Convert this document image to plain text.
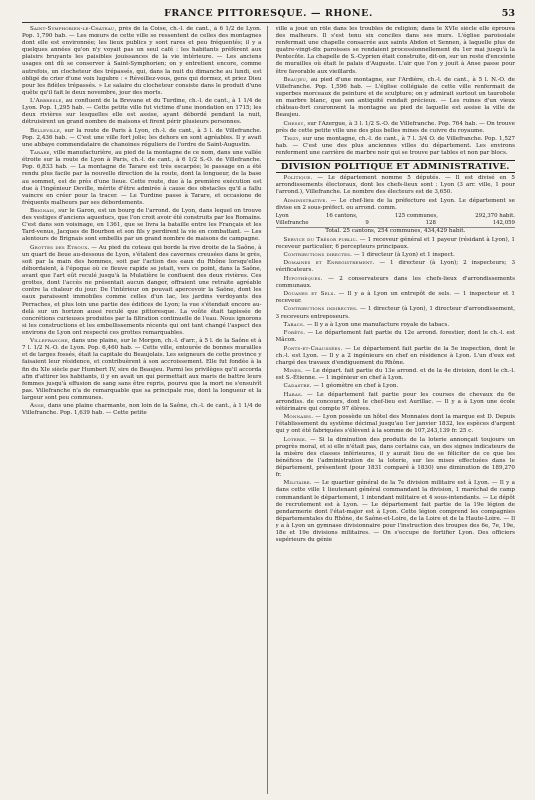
FRANCE PITTORESQUE. — RHONE.	53

Saint-Symphorien-le-Chateau, près de la Coise, ch.-l. de cant., à 6 1/2 de Lyon. Pop. 1,790 hab. — Les mœurs de cette ville se ressentent de celles des montagnes dont elle est environnée; les lieux publics y sont rares et peu fréquentés; il y a quelques années qu'on n'y voyait pas un seul café : les habitants préfèrent aux plaisirs bruyants les paisibles jouissances de la vie intérieure. — Les anciens usages ont dû se conserver à Saint-Symphorien; on y entretient encore, comme autrefois, un clocheteur des trépassés, qui, dans la nuit du dimanche au lundi, est obligé de crier d'une voix lugubre : « Réveillez-vous, gens qui dormez, et priez Dieu pour les fidèles trépassés. » Le salaire du clocheteur consiste dans le produit d'une quête qu'il fait le deux novembre, jour des morts.

L'Arbresle, au confluent de la Brevane et du Turdine, ch.-l. de cant., à 1 1/4 de Lyon. Pop. 1,295 hab. — Cette petite ville fut victime d'une inondation en 1715; les deux rivières sur lesquelles elle est assise, ayant débordé pendant la nuit, détruisirent un grand nombre de maisons et firent périr plusieurs personnes.

Belleville, sur la route de Paris à Lyon, ch.-l. de cant., à 3 l. de Villefranche. Pop. 2,436 hab. — C'est une ville fort jolie; les dehors en sont agréables. Il y avait une abbaye commendataire de chanoines réguliers de l'ordre de Saint-Augustin.

Tarare, ville manufacturière, au pied de la montagne de ce nom, dans une vallée étroite sur la route de Lyon à Paris, ch.-l. de cant., à 6 1/2 S.-O. de Villefranche. Pop. 6,833 hab. — La montagne de Tarare est très escarpée; le passage en a été rendu plus facile par la nouvelle direction de la route, dont la longueur, de la base au sommet, est de près d'une lieue. Cette route, due à la première exécution est due à l'ingénieur Deville, mérite d'être admirée à cause des obstacles qu'il a fallu vaincre en créer pour la tracer. — Le Turdine passe à Tarare, et occasione de fréquents malheurs par ses débordements.

Brignais, sur le Garon, est un bourg de l'arrond. de Lyon, dans lequel on trouve des vestiges d'anciens aqueducs, que l'on croit avoir été construits par les Romains. C'est dans son voisinage, en 1361, que se livra la bataille entre les Français et les Tard-venus, Jacques de Bourbon et son fils y perdirent la vie en combattant. — Les alentours de Brignais sont embellis par un grand nombre de maisons de campagne.

Grottes des Etroux. — Au pied du coteau qui borde la rive droite de la Saône, à un quart de lieue au-dessous de Lyon, s'étalent des cavernes creusées dans le grès, soit par la main des hommes, soit par l'action des eaux du Rhône lorsqu'elles débordaient, à l'époque où ce fleuve rapide se jetait, vers ce point, dans la Saône, avant que l'art eût reculé jusqu'à la Mulatière le confluent des deux rivières. Ces grottes, dont l'accès ne présentait aucun danger, offraient une retraite agréable contre la chaleur du jour. De l'intérieur on pouvait apercevoir la Saône, dont les eaux paraissent immobiles comme celles d'un lac, les jardins verdoyants des Perraches, et plus loin une partie des édifices de Lyon; la vue s'étendait encore au-delà sur un horizon aussi reculé que pittoresque. La voûte était tapissée de concrétions curieuses produites par la filtration continuelle de l'eau. Nous ignorons si les constructions et les embellissements récents qui ont tant changé l'aspect des environs de Lyon ont respecté ces grottes remarquables.

Villefranche, dans une plaine, sur le Morgon, ch.-l. d'arr., à 5 l. de la Saône et à 7 l. 1/2 N.-O. de Lyon. Pop. 6,460 hab. — Cette ville, entourée de bonnes murailles et de larges fossés, était la capitale du Beaujolais. Les seigneurs de cette province y faisaient leur résidence, et contribuèrent à son accroissement. Elle fut fondée à la fin du XIe siècle par Humbert IV, sire de Beaujeu. Parmi les privilèges qu'il accorda afin d'attirer les habitants, il y en avait un qui permettait aux maris de battre leurs femmes jusqu'à effusion de sang sans être repris, pourvu que la mort ne s'ensuivît pas. Villefranche n'a de remarquable que sa principale rue, dont la longueur et la largeur sont peu communes.

Anse, dans une plaine charmante, non loin de la Saône, ch.-l. de cant., à 1 1/4 de Villefranche. Pop. 1,639 hab. — Cette petite

ville a joué un rôle dans les troubles de religion; dans le XVIe siècle elle éprouva des malheurs. Il s'est tenu six conciles dans ses murs. L'église paroissiale renfermait une chapelle consacrée aux saints Abdon et Sennen, à laquelle plus de quatre-vingt-dix paroisses se rendaient processionnellement du 1er mai jusqu'à la Pentecôte. La chapelle de S.-Cyprien était construite, dit-on, sur un reste d'enceinte de murailles où était le palais d'Auguste. L'air que l'on y jouit à Anse passe pour être favorable aux vieillards.

Beaujeu, au pied d'une montagne, sur l'Ardière, ch.-l. de cant., à 5 l. N.-O. de Villefranche. Pop. 1,596 hab. — L'église collégiale de cette ville renfermait de superbes morceaux de peinture et de sculpture; on y admirait surtout un taurobole en marbre blanc, que son antiquité rendait précieux. — Les ruines d'un vieux château-fort couronnent la montagne au pied de laquelle est assise la ville de Beaujeu.

Chessy, sur l'Azergue, à 3 l. 1/2 S.-O. de Villefranche. Pop. 764 hab. — On trouve près de cette petite ville une des plus belles mines de cuivre du royaume.

Thizy, sur une montagne, ch.-l. de cant., à 7 l. 3/4 O. de Villefranche. Pop. 1,527 hab. — C'est une des plus anciennes villes du département. Les environs renferment une carrière de marbre noir qui se trouve par tables et non par blocs.

DIVISION POLITIQUE ET ADMINISTRATIVE.

Politique. — Le département nomme 5 députés. — Il est divisé en 5 arrondissements électoraux, dont les chefs-lieux sont : Lyon (3 arr. ville, 1 pour l'arrond.), Villefranche. Le nombre des électeurs est de 3,650.

Administrative. — Le chef-lieu de la préfecture est Lyon. Le département se divise en 2 sous-préfect. ou arrond. comm.

Lyon	16 cantons,	125 communes,	292,370 habit.
Villefranche	9	128	142,059
Total. 25 cantons, 254 communes, 434,429 habit.

Service du Trésor public. — 1 receveur général et 1 payeur (résidant à Lyon), 1 receveur particulier, 6 percepteurs principaux.

Contributions directes. — 1 directeur (à Lyon) et 1 inspect.

Domaines et Enregistrement. — 1 directeur (à Lyon); 2 inspecteurs; 3 vérificateurs.

Hypothèques. — 2 conservateurs dans les chefs-lieux d'arrondissements communaux.

Douanes et Sels. — Il y a à Lyon un entrepôt de sels. — 1 inspecteur et 1 receveur.

Contributions indirectes. — 1 directeur (à Lyon), 1 directeur d'arrondissement, 3 receveurs entreposeurs.

Tabacs. — Il y a à Lyon une manufacture royale de tabacs.

Forêts. — Le département fait partie du 12e arrond. forestier, dont le ch.-l. est Mâcon.

Ponts-et-Chaussées. — Le département fait partie de la 5e inspection, dont le ch.-l. est Lyon. — Il y a 2 ingénieurs en chef en résidence à Lyon. L'un d'eux est chargé des travaux d'endiguement du Rhône.

Mines. — Le départ. fait partie du 13e arrond. et de la 4e division, dont le ch.-l. est S.-Étienne. — 1 ingénieur en chef à Lyon.

Cadastre. — 1 géomètre en chef à Lyon.

Haras. — Le département fait partie pour les courses de chevaux du 6e arrondiss. de concours, dont le chef-lieu est Aurillac. — Il y a à Lyon une école vétérinaire qui compte 97 élèves.

Monnaies. — Lyon possède un hôtel des Monnaies dont la marque est D. Depuis l'établissement du système décimal jusqu'au 1er janvier 1832, les espèces d'argent qui y ont été fabriquées s'élèvent à la somme de 107,243,139 fr. 25 c.

Loterie. — Si la diminution des produits de la loterie annonçait toujours un progrès moral, et si elle n'était pas, dans certains cas, un des signes indicateurs de la misère des classes inférieures, il y aurait lieu de se féliciter de ce que les bénéfices de l'administration de la loterie, sur les mises effectuées dans le département, présentent (pour 1831 comparé à 1830) une diminution de 189,270 fr.

Militaire. — Le quartier général de la 7e division militaire est à Lyon. — Il y a dans cette ville 1 lieutenant général commandant la division, 1 maréchal de camp commandant le département, 1 intendant militaire et 4 sous-intendants. — Le dépôt de recrutement est à Lyon. — Le département fait partie de la 19e légion de gendarmerie dont l'état-major est à Lyon. Cette légion comprend les compagnies départementales du Rhône, de Saône-et-Loire, de la Loire et de la Haute-Loire. — Il y a à Lyon un gymnase divisionnaire pour l'instruction des troupes des 6e, 7e, 19e, 18e et 19e divisions militaires. — On s'occupe de fortifier Lyon. Des officiers supérieurs du génie
